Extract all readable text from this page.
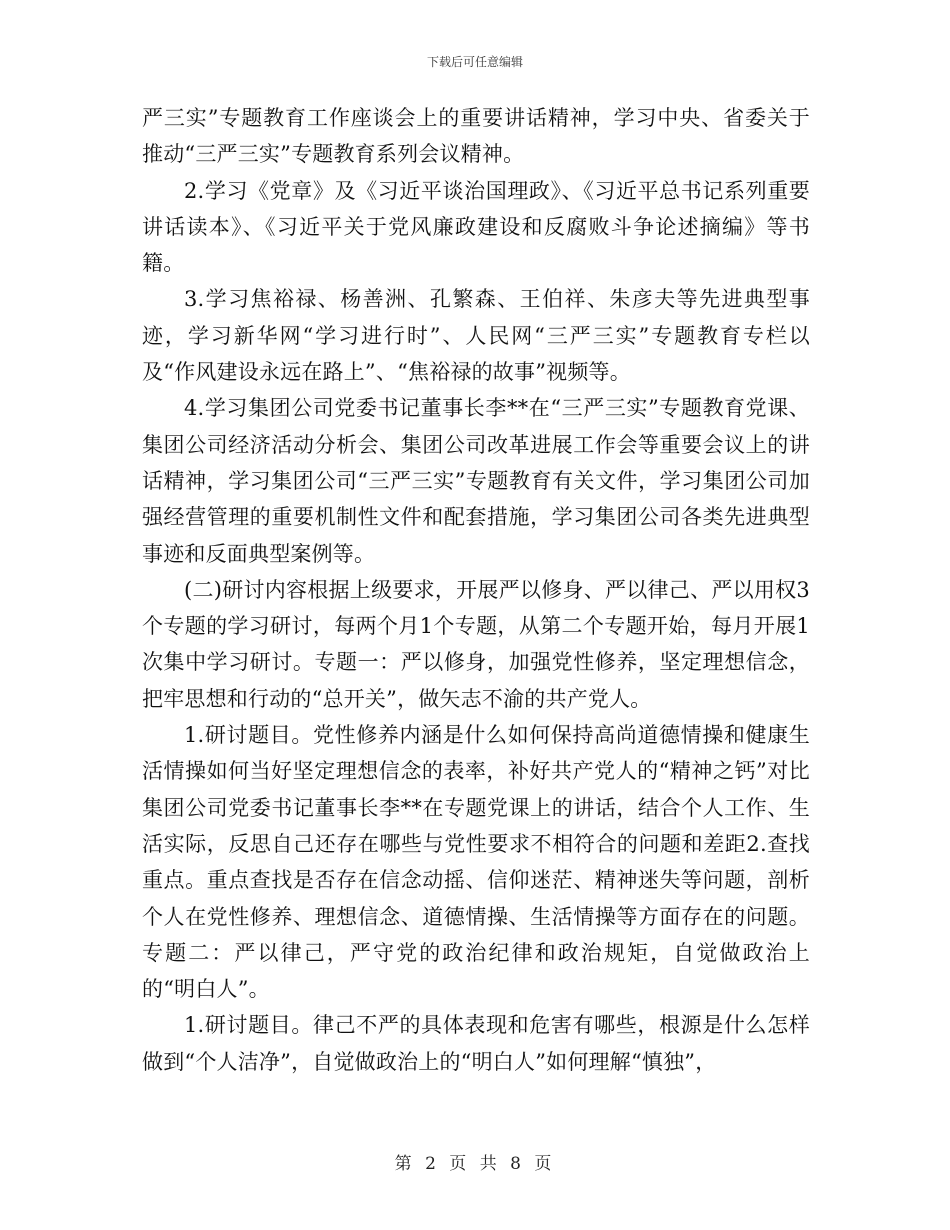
下载后可任意编辑

严三实”专题教育工作座谈会上的重要讲话精神，学习中央、省委关于推动“三严三实”专题教育系列会议精神。

2.学习《党章》及《习近平谈治国理政》、《习近平总书记系列重要讲话读本》、《习近平关于党风廉政建设和反腐败斗争论述摘编》等书籍。

3.学习焦裕禄、杨善洲、孔繁森、王伯祥、朱彦夫等先进典型事迹，学习新华网“学习进行时”、人民网“三严三实”专题教育专栏以及“作风建设永远在路上”、“焦裕禄的故事”视频等。

4.学习集团公司党委书记董事长李**在“三严三实”专题教育党课、集团公司经济活动分析会、集团公司改革进展工作会等重要会议上的讲话精神，学习集团公司“三严三实”专题教育有关文件，学习集团公司加强经营管理的重要机制性文件和配套措施，学习集团公司各类先进典型事迹和反面典型案例等。

(二)研讨内容根据上级要求，开展严以修身、严以律己、严以用权3个专题的学习研讨，每两个月1个专题，从第二个专题开始，每月开展1次集中学习研讨。专题一：严以修身，加强党性修养，坚定理想信念，把牢思想和行动的“总开关”，做矢志不渝的共产党人。

1.研讨题目。党性修养内涵是什么如何保持高尚道德情操和健康生活情操如何当好坚定理想信念的表率，补好共产党人的“精神之钙”对比集团公司党委书记董事长李**在专题党课上的讲话，结合个人工作、生活实际，反思自己还存在哪些与党性要求不相符合的问题和差距2.查找重点。重点查找是否存在信念动摇、信仰迷茫、精神迷失等问题，剖析个人在党性修养、理想信念、道德情操、生活情操等方面存在的问题。专题二：严以律己，严守党的政治纪律和政治规矩，自觉做政治上的“明白人”。

1.研讨题目。律己不严的具体表现和危害有哪些，根源是什么怎样做到“个人洁净”，自觉做政治上的“明白人”如何理解“慎独”，

第 2 页 共 8 页
